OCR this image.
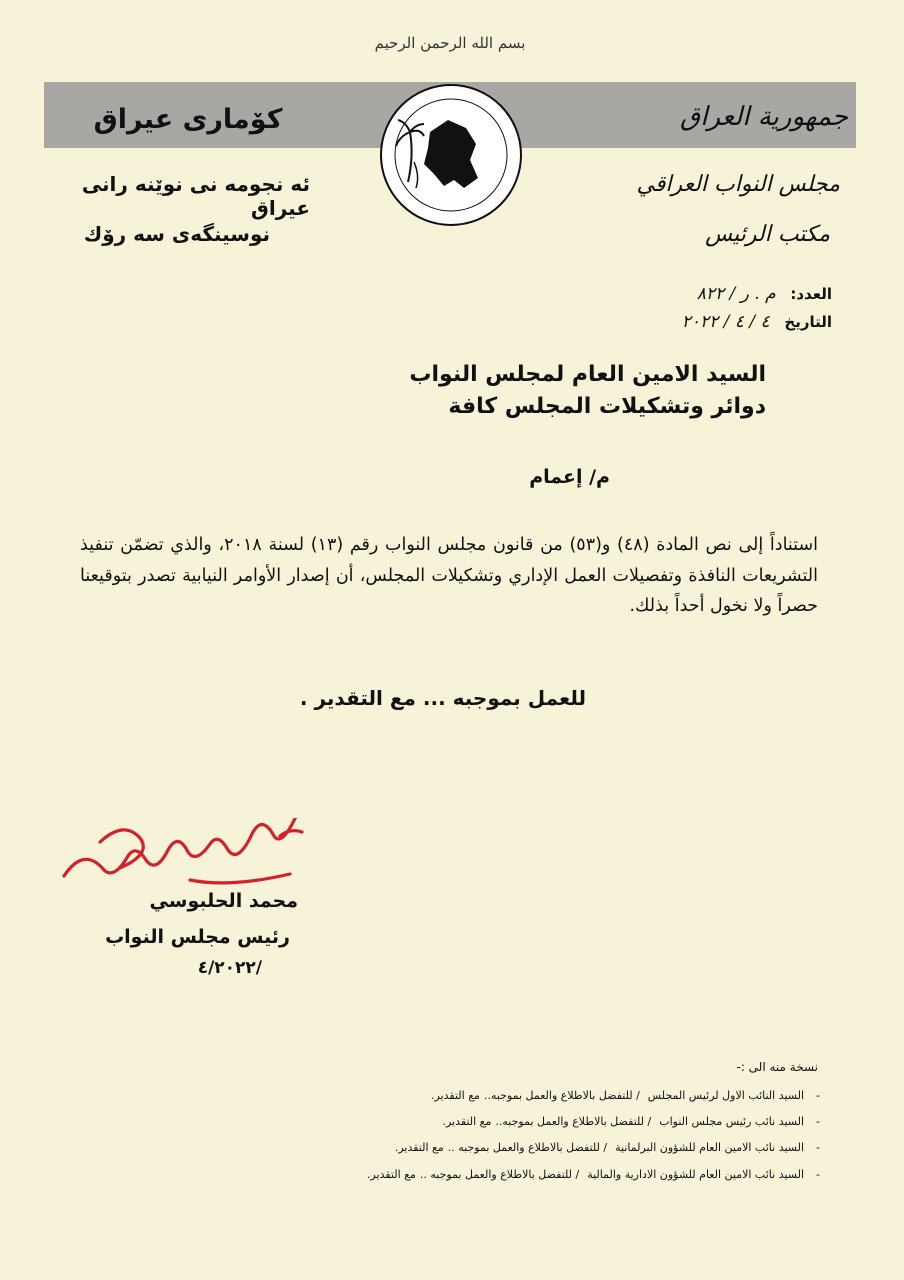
بسم الله الرحمن الرحيم
كۆماری عیراق	جمهورية العراق
ئه نجومه نی نوێنه رانی عیراق
نوسینگەی سه رۆك
مجلس النواب العراقي
مكتب الرئيس
العدد: م . ر / ٨٢٢
التاريخ ٤ / ٤ / ٢٠٢٢
السيد الامين العام لمجلس النواب
دوائر وتشكيلات المجلس كافة
م/ إعمام
استناداً إلى نص المادة (٤٨) و(٥٣) من قانون مجلس النواب رقم (١٣) لسنة ٢٠١٨، والذي تضمّن تنفيذ التشريعات النافذة وتفصيلات العمل الإداري وتشكيلات المجلس، أن إصدار الأوامر النيابية تصدر بتوقيعنا حصراً ولا نخول أحداً بذلك.
للعمل بموجبه ... مع التقدير .
محمد الحلبوسي
رئيس مجلس النواب
/٤/٢٠٢٢
نسخة منه الى :-
-السيد النائب الاول لرئيس المجلس/ للتفضل بالاطلاع والعمل بموجبه..مع التقدير.
-السيد نائب رئيس مجلس النواب/ للتفضل بالاطلاع والعمل بموجبه..مع التقدير.
-السيد نائب الامين العام للشؤون البرلمانية/ للتفضل بالاطلاع والعمل بموجبه ..مع التقدير.
-السيد نائب الامين العام للشؤون الادارية والمالية/ للتفضل بالاطلاع والعمل بموجبه ..مع التقدير.
